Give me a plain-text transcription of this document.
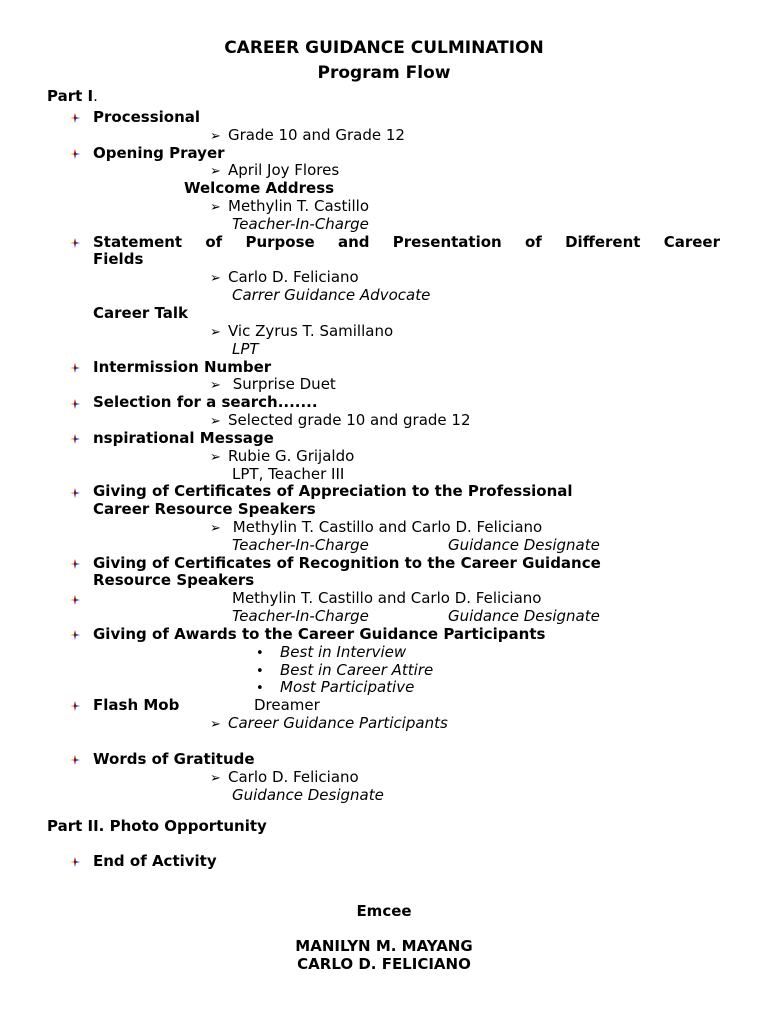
CAREER GUIDANCE CULMINATION
Program Flow
Part I.
Processional
➢ Grade 10 and Grade 12
Opening Prayer
➢ April Joy Flores
Welcome Address
➢ Methylin T. Castillo
Teacher-In-Charge
Statement of Purpose and Presentation of Different Career
Fields
➢ Carlo D. Feliciano
Carrer Guidance Advocate
Career Talk
➢ Vic Zyrus T. Samillano
LPT
Intermission Number
➢ Surprise Duet
Selection for a search.......
➢ Selected grade 10 and grade 12
nspirational Message
➢ Rubie G. Grijaldo
LPT, Teacher III
Giving of Certificates of Appreciation to the Professional
Career Resource Speakers
➢ Methylin T. Castillo and Carlo D. Feliciano
Teacher-In-Charge	Guidance Designate
Giving of Certificates of Recognition to the Career Guidance
Resource Speakers
Methylin T. Castillo and Carlo D. Feliciano
Teacher-In-Charge	Guidance Designate
Giving of Awards to the Career Guidance Participants
• Best in Interview
• Best in Career Attire
• Most Participative
Flash Mob	Dreamer
➢ Career Guidance Participants
Words of Gratitude
➢ Carlo D. Feliciano
Guidance Designate
Part II. Photo Opportunity
End of Activity
Emcee
MANILYN M. MAYANG
CARLO D. FELICIANO
